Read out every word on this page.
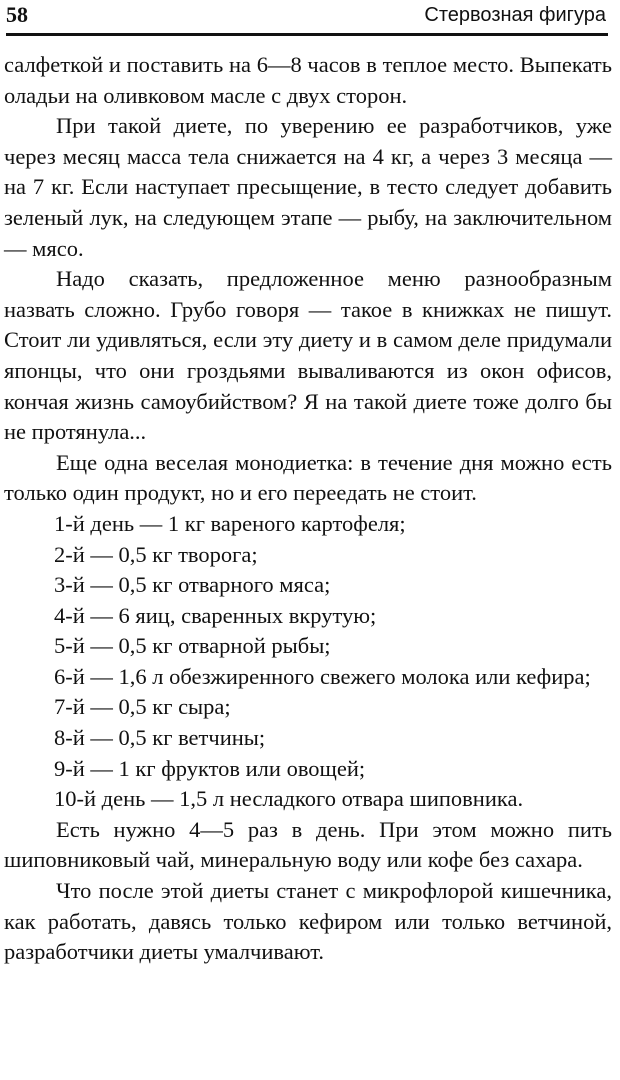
58	Стервозная фигура

салфеткой и поставить на 6—8 часов в теплое место. Выпекать оладьи на оливковом масле с двух сторон.

При такой диете, по уверению ее разработчиков, уже через месяц масса тела снижается на 4 кг, а через 3 месяца — на 7 кг. Если наступает пресыщение, в тесто следует добавить зеленый лук, на следующем этапе — рыбу, на заключительном — мясо.

Надо сказать, предложенное меню разнообразным назвать сложно. Грубо говоря — такое в книжках не пишут. Стоит ли удивляться, если эту диету и в самом деле придумали японцы, что они гроздьями вываливаются из окон офисов, кончая жизнь самоубийством? Я на такой диете тоже долго бы не протянула...

Еще одна веселая монодиетка: в течение дня можно есть только один продукт, но и его переедать не стоит.

1-й день — 1 кг вареного картофеля;
2-й — 0,5 кг творога;
3-й — 0,5 кг отварного мяса;
4-й — 6 яиц, сваренных вкрутую;
5-й — 0,5 кг отварной рыбы;
6-й — 1,6 л обезжиренного свежего молока или кефира;
7-й — 0,5 кг сыра;
8-й — 0,5 кг ветчины;
9-й — 1 кг фруктов или овощей;
10-й день — 1,5 л несладкого отвара шиповника.

Есть нужно 4—5 раз в день. При этом можно пить шиповниковый чай, минеральную воду или кофе без сахара.

Что после этой диеты станет с микрофлорой кишечника, как работать, давясь только кефиром или только ветчиной, разработчики диеты умалчивают.
